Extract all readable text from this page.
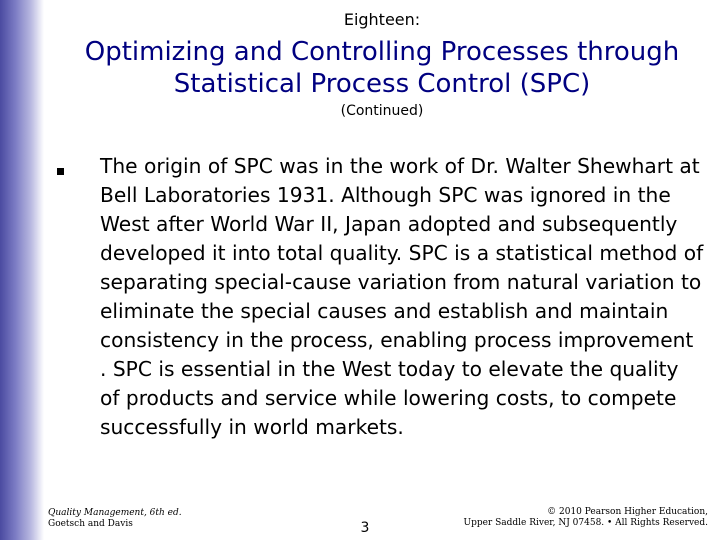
Eighteen:
Optimizing and Controlling Processes through
Statistical Process Control (SPC)
(Continued)
The origin of SPC was in the work of Dr. Walter Shewhart at Bell Laboratories 1931. Although SPC was ignored in the West after World War II, Japan adopted and subsequently developed it into total quality. SPC is a statistical method of separating special-cause variation from natural variation to eliminate the special causes and establish and maintain consistency in the process, enabling process improvement . SPC is essential in the West today to elevate the quality of products and service while lowering costs, to compete successfully in world markets.
Quality Management, 6th ed.
Goetsch and Davis	3
© 2010 Pearson Higher Education,
Upper Saddle River, NJ 07458. • All Rights Reserved.
